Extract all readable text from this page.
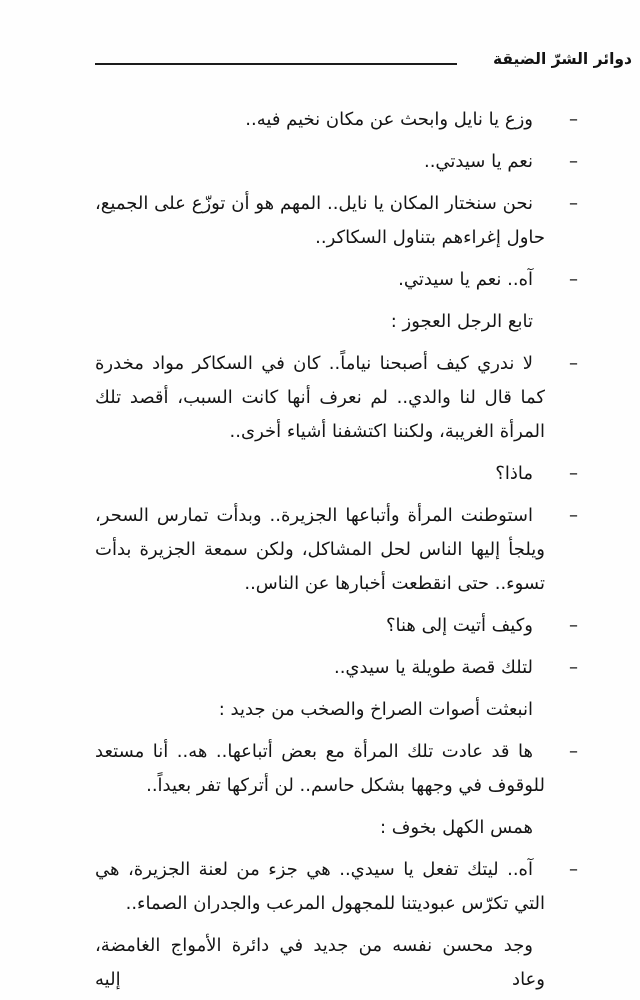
دوائر الشرّ الضيقة
–
وزع يا نايل وابحث عن مكان نخيم فيه..
–
نعم يا سيدتي..
–
نحن سنختار المكان يا نايل.. المهم هو أن توزّع على الجميع، حاول إغراءهم بتناول السكاكر..
–
آه.. نعم يا سيدتي.
تابع الرجل العجوز :
–
لا ندري كيف أصبحنا نياماً.. كان في السكاكر مواد مخدرة كما قال لنا والدي.. لم نعرف أنها كانت السبب، أقصد تلك المرأة الغريبة، ولكننا اكتشفنا أشياء أخرى..
–
ماذا؟
–
استوطنت المرأة وأتباعها الجزيرة.. وبدأت تمارس السحر، ويلجأ إليها الناس لحل المشاكل، ولكن سمعة الجزيرة بدأت تسوء.. حتى انقطعت أخبارها عن الناس..
–
وكيف أتيت إلى هنا؟
–
لتلك قصة طويلة يا سيدي..
انبعثت أصوات الصراخ والصخب من جديد :
–
ها قد عادت تلك المرأة مع بعض أتباعها.. هه.. أنا مستعد للوقوف في وجهها بشكل حاسم.. لن أتركها تفر بعيداً..
همس الكهل بخوف :
–
آه.. ليتك تفعل يا سيدي.. هي جزء من لعنة الجزيرة، هي التي تكرّس عبوديتنا للمجهول المرعب والجدران الصماء..
وجد محسن نفسه من جديد في دائرة الأمواج الغامضة، وعاد إليه
